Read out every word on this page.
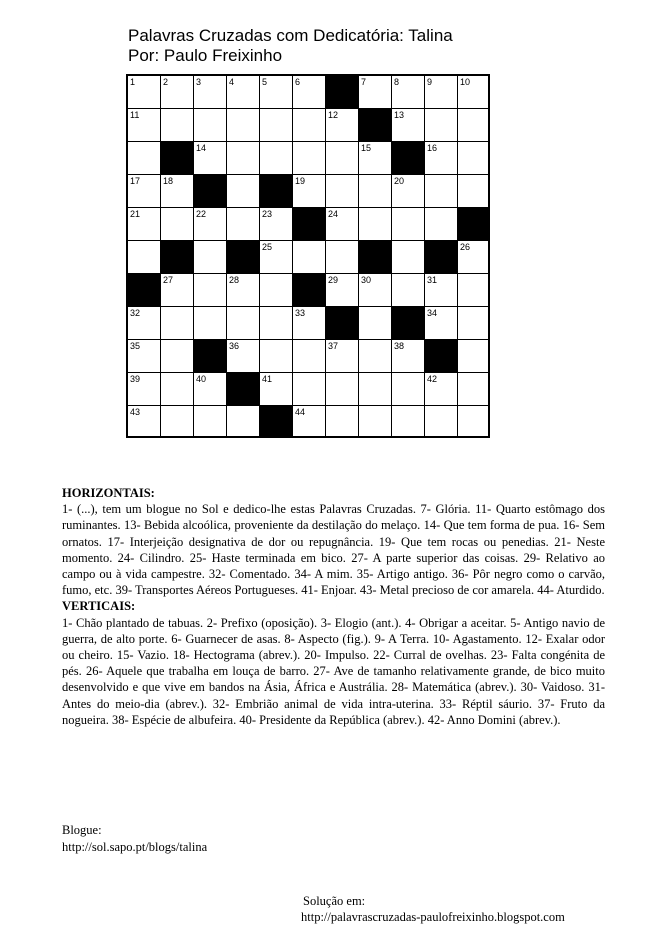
Palavras Cruzadas com Dedicatória: Talina
Por: Paulo Freixinho
1	2	3	4	5	6	7	8	9	10
11	12	13
14	15	16
17	18	19	20
21	22	23	24
25	26
27	28	29	30	31
32	33	34
35	36	37	38
39	40	41	42
43	44

HORIZONTAIS:

1- (...), tem um blogue no Sol e dedico-lhe estas Palavras Cruzadas. 7- Glória. 11- Quarto estômago dos ruminantes. 13- Bebida alcoólica, proveniente da destilação do melaço. 14- Que tem forma de pua. 16- Sem ornatos. 17- Interjeição designativa de dor ou repugnância. 19- Que tem rocas ou penedias. 21- Neste momento. 24- Cilindro. 25- Haste terminada em bico. 27- A parte superior das coisas. 29- Relativo ao campo ou à vida campestre. 32- Comentado. 34- A mim. 35- Artigo antigo. 36- Pôr negro como o carvão, fumo, etc. 39- Transportes Aéreos Portugueses. 41- Enjoar. 43- Metal precioso de cor amarela. 44- Aturdido.

VERTICAIS:

1- Chão plantado de tabuas. 2- Prefixo (oposição). 3- Elogio (ant.). 4- Obrigar a aceitar. 5- Antigo navio de guerra, de alto porte. 6- Guarnecer de asas. 8- Aspecto (fig.). 9- A Terra. 10- Agastamento. 12- Exalar odor ou cheiro. 15- Vazio. 18- Hectograma (abrev.). 20- Impulso. 22- Curral de ovelhas. 23- Falta congénita de pés. 26- Aquele que trabalha em louça de barro. 27- Ave de tamanho relativamente grande, de bico muito desenvolvido e que vive em bandos na Ásia, África e Austrália. 28- Matemática (abrev.). 30- Vaidoso. 31- Antes do meio-dia (abrev.). 32- Embrião animal de vida intra-uterina. 33- Réptil sáurio. 37- Fruto da nogueira. 38- Espécie de albufeira. 40- Presidente da República (abrev.). 42- Anno Domini (abrev.).

Blogue:
http://sol.sapo.pt/blogs/talina
Solução em:
http://palavrascruzadas-paulofreixinho.blogspot.com
